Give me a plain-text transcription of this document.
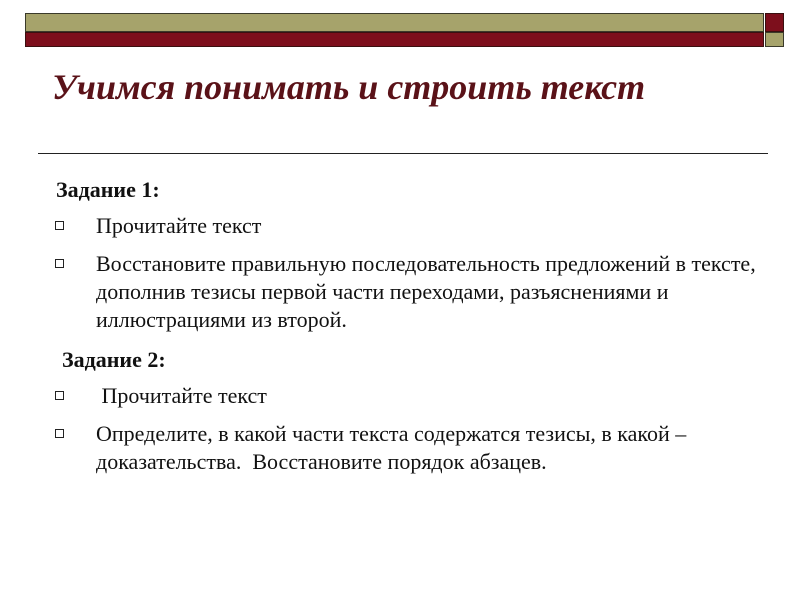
Учимся понимать и строить текст
Задание 1:
Прочитайте текст
Восстановите правильную последовательность предложений в тексте, дополнив тезисы первой части переходами, разъяснениями и иллюстрациями из второй.
Задание 2:
Прочитайте текст
Определите, в какой части текста содержатся тезисы, в какой – доказательства.  Восстановите порядок абзацев.
